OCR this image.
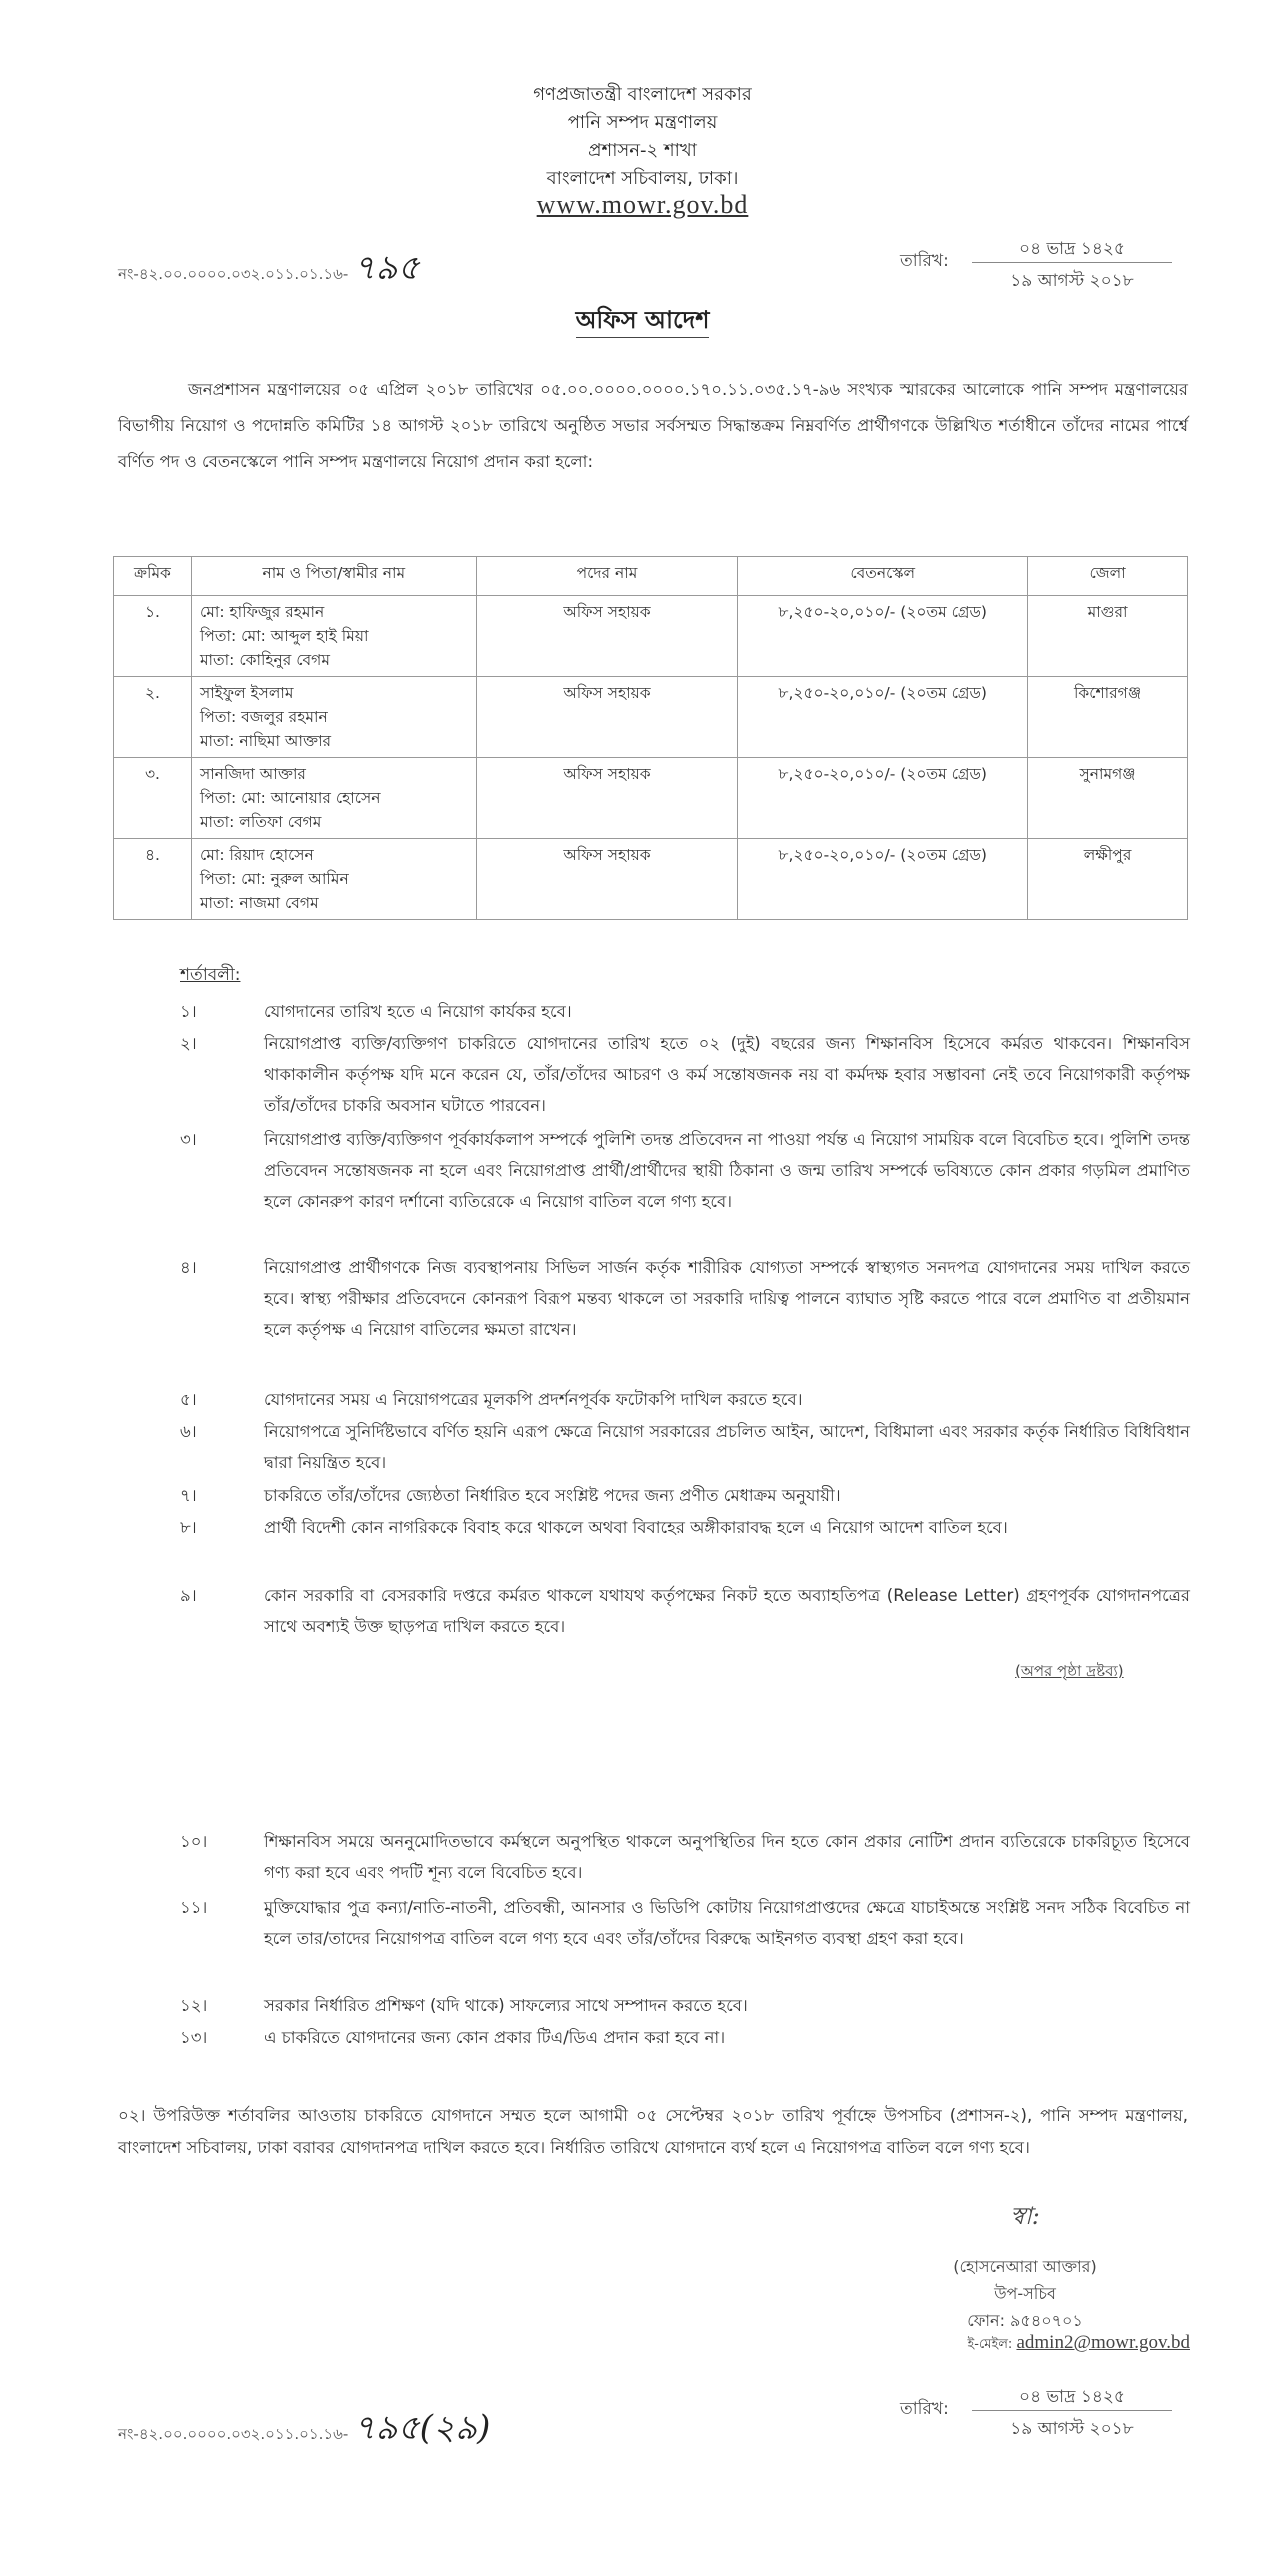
গণপ্রজাতন্ত্রী বাংলাদেশ সরকার
পানি সম্পদ মন্ত্রণালয়
প্রশাসন-২ শাখা
বাংলাদেশ সচিবালয়, ঢাকা।
www.mowr.gov.bd
নং-৪২.০০.০০০০.০৩২.০১১.০১.১৬- ৭৯৫	তারিখ:
০৪ ভাদ্র ১৪২৫
১৯ আগস্ট ২০১৮
অফিস আদেশ
জনপ্রশাসন মন্ত্রণালয়ের ০৫ এপ্রিল ২০১৮ তারিখের ০৫.০০.০০০০.০০০০.১৭০.১১.০৩৫.১৭-৯৬ সংখ্যক স্মারকের আলোকে পানি সম্পদ মন্ত্রণালয়ের বিভাগীয় নিয়োগ ও পদোন্নতি কমিটির ১৪ আগস্ট ২০১৮ তারিখে অনুষ্ঠিত সভার সর্বসম্মত সিদ্ধান্তক্রম নিম্নবর্ণিত প্রার্থীগণকে উল্লিখিত শর্তাধীনে তাঁদের নামের পার্শ্বে বর্ণিত পদ ও বেতনস্কেলে পানি সম্পদ মন্ত্রণালয়ে নিয়োগ প্রদান করা হলো:
ক্রমিক	নাম ও পিতা/স্বামীর নাম	পদের নাম	বেতনস্কেল	জেলা
১.	মো: হাফিজুর রহমান
পিতা: মো: আব্দুল হাই মিয়া
মাতা: কোহিনুর বেগম	অফিস সহায়ক	৮,২৫০-২০,০১০/- (২০তম গ্রেড)	মাগুরা
২.	সাইফুল ইসলাম
পিতা: বজলুর রহমান
মাতা: নাছিমা আক্তার	অফিস সহায়ক	৮,২৫০-২০,০১০/- (২০তম গ্রেড)	কিশোরগঞ্জ
৩.	সানজিদা আক্তার
পিতা: মো: আনোয়ার হোসেন
মাতা: লতিফা বেগম	অফিস সহায়ক	৮,২৫০-২০,০১০/- (২০তম গ্রেড)	সুনামগঞ্জ
৪.	মো: রিয়াদ হোসেন
পিতা: মো: নুরুল আমিন
মাতা: নাজমা বেগম	অফিস সহায়ক	৮,২৫০-২০,০১০/- (২০তম গ্রেড)	লক্ষীপুর
শর্তাবলী:
১।	যোগদানের তারিখ হতে এ নিয়োগ কার্যকর হবে।
২।	নিয়োগপ্রাপ্ত ব্যক্তি/ব্যক্তিগণ চাকরিতে যোগদানের তারিখ হতে ০২ (দুই) বছরের জন্য শিক্ষানবিস হিসেবে কর্মরত থাকবেন। শিক্ষানবিস থাকাকালীন কর্তৃপক্ষ যদি মনে করেন যে, তাঁর/তাঁদের আচরণ ও কর্ম সন্তোষজনক নয় বা কর্মদক্ষ হবার সম্ভাবনা নেই তবে নিয়োগকারী কর্তৃপক্ষ তাঁর/তাঁদের চাকরি অবসান ঘটাতে পারবেন।
৩।	নিয়োগপ্রাপ্ত ব্যক্তি/ব্যক্তিগণ পূর্বকার্যকলাপ সম্পর্কে পুলিশি তদন্ত প্রতিবেদন না পাওয়া পর্যন্ত এ নিয়োগ সাময়িক বলে বিবেচিত হবে। পুলিশি তদন্ত প্রতিবেদন সন্তোষজনক না হলে এবং নিয়োগপ্রাপ্ত প্রার্থী/প্রার্থীদের স্থায়ী ঠিকানা ও জন্ম তারিখ সম্পর্কে ভবিষ্যতে কোন প্রকার গড়মিল প্রমাণিত হলে কোনরুপ কারণ দর্শানো ব্যতিরেকে এ নিয়োগ বাতিল বলে গণ্য হবে।
৪।	নিয়োগপ্রাপ্ত প্রার্থীগণকে নিজ ব্যবস্থাপনায় সিভিল সার্জন কর্তৃক শারীরিক যোগ্যতা সম্পর্কে স্বাস্থ্যগত সনদপত্র যোগদানের সময় দাখিল করতে হবে। স্বাস্থ্য পরীক্ষার প্রতিবেদনে কোনরূপ বিরূপ মন্তব্য থাকলে তা সরকারি দায়িত্ব পালনে ব্যাঘাত সৃষ্টি করতে পারে বলে প্রমাণিত বা প্রতীয়মান হলে কর্তৃপক্ষ এ নিয়োগ বাতিলের ক্ষমতা রাখেন।
৫।	যোগদানের সময় এ নিয়োগপত্রের মূলকপি প্রদর্শনপূর্বক ফটোকপি দাখিল করতে হবে।
৬।	নিয়োগপত্রে সুনির্দিষ্টভাবে বর্ণিত হয়নি এরূপ ক্ষেত্রে নিয়োগ সরকারের প্রচলিত আইন, আদেশ, বিধিমালা এবং সরকার কর্তৃক নির্ধারিত বিধিবিধান দ্বারা নিয়ন্ত্রিত হবে।
৭।	চাকরিতে তাঁর/তাঁদের জ্যেষ্ঠতা নির্ধারিত হবে সংশ্লিষ্ট পদের জন্য প্রণীত মেধাক্রম অনুযায়ী।
৮।	প্রার্থী বিদেশী কোন নাগরিককে বিবাহ করে থাকলে অথবা বিবাহের অঙ্গীকারাবদ্ধ হলে এ নিয়োগ আদেশ বাতিল হবে।
৯।	কোন সরকারি বা বেসরকারি দপ্তরে কর্মরত থাকলে যথাযথ কর্তৃপক্ষের নিকট হতে অব্যাহতিপত্র (Release Letter) গ্রহণপূর্বক যোগদানপত্রের সাথে অবশ্যই উক্ত ছাড়পত্র দাখিল করতে হবে।
(অপর পৃষ্ঠা দ্রষ্টব্য)
১০।	শিক্ষানবিস সময়ে অননুমোদিতভাবে কর্মস্থলে অনুপস্থিত থাকলে অনুপস্থিতির দিন হতে কোন প্রকার নোটিশ প্রদান ব্যতিরেকে চাকরিচ্যূত হিসেবে গণ্য করা হবে এবং পদটি শূন্য বলে বিবেচিত হবে।
১১।	মুক্তিযোদ্ধার পুত্র কন্যা/নাতি-নাতনী, প্রতিবন্ধী, আনসার ও ভিডিপি কোটায় নিয়োগপ্রাপ্তদের ক্ষেত্রে যাচাইঅন্তে সংশ্লিষ্ট সনদ সঠিক বিবেচিত না হলে তার/তাদের নিয়োগপত্র বাতিল বলে গণ্য হবে এবং তাঁর/তাঁদের বিরুদ্ধে আইনগত ব্যবস্থা গ্রহণ করা হবে।
১২।	সরকার নির্ধারিত প্রশিক্ষণ (যদি থাকে) সাফল্যের সাথে সম্পাদন করতে হবে।
১৩।	এ চাকরিতে যোগদানের জন্য কোন প্রকার টিএ/ডিএ প্রদান করা হবে না।
০২। উপরিউক্ত শর্তাবলির আওতায় চাকরিতে যোগদানে সম্মত হলে আগামী ০৫ সেপ্টেম্বর ২০১৮ তারিখ পূর্বাহ্নে উপসচিব (প্রশাসন-২), পানি সম্পদ মন্ত্রণালয়, বাংলাদেশ সচিবালয়, ঢাকা বরাবর যোগদানপত্র দাখিল করতে হবে। নির্ধারিত তারিখে যোগদানে ব্যর্থ হলে এ নিয়োগপত্র বাতিল বলে গণ্য হবে।
স্বা:
(হোসনেআরা আক্তার)
উপ-সচিব
ফোন: ৯৫৪০৭০১
ই-মেইল: admin2@mowr.gov.bd
নং-৪২.০০.০০০০.০৩২.০১১.০১.১৬- ৭৯৫(২৯)	তারিখ:
০৪ ভাদ্র ১৪২৫
১৯ আগস্ট ২০১৮
